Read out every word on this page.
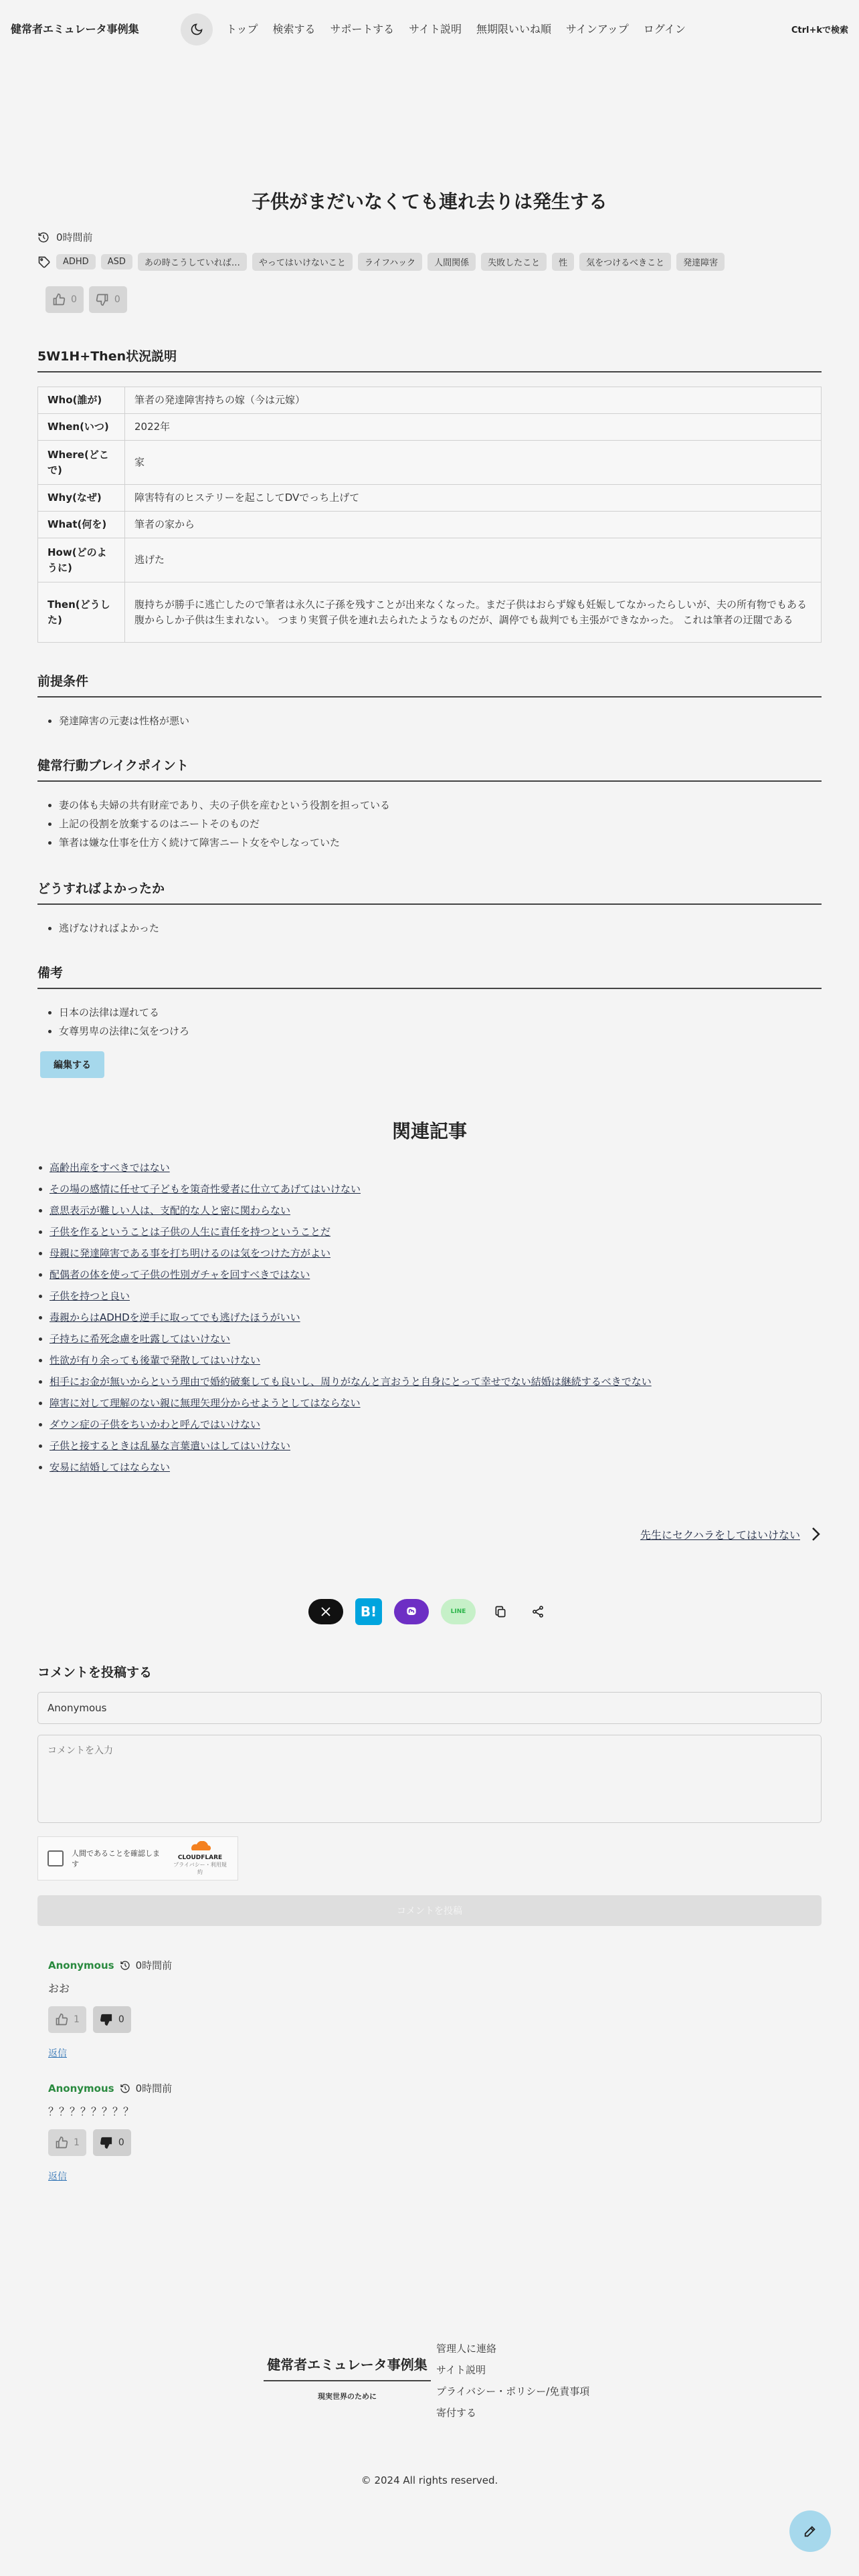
健常者エミュレータ事例集	トップ 検索する サポートする サイト説明 無期限いいね順 サインアップ ログイン	Ctrl+kで検索
子供がまだいなくても連れ去りは発生する
0時間前
ADHD	ASD	あの時こうしていれば…	やってはいけないこと	ライフハック	人間関係	失敗したこと	性	気をつけるべきこと	発達障害
0	0
5W1H+Then状況説明
Who(誰が)	筆者の発達障害持ちの嫁（今は元嫁）
When(いつ)	2022年
Where(どこで)	家
Why(なぜ)	障害特有のヒステリーを起こしてDVでっち上げて
What(何を)	筆者の家から
How(どのように)	逃げた
Then(どうした)	腹持ちが勝手に逃亡したので筆者は永久に子孫を残すことが出来なくなった。まだ子供はおらず嫁も妊娠してなかったらしいが、夫の所有物でもある腹からしか子供は生まれない。 つまり実質子供を連れ去られたようなものだが、調停でも裁判でも主張ができなかった。 これは筆者の迂闊である
前提条件
• 発達障害の元妻は性格が悪い
健常行動ブレイクポイント
• 妻の体も夫婦の共有財産であり、夫の子供を産むという役割を担っている
• 上記の役割を放棄するのはニートそのものだ
• 筆者は嫌な仕事を仕方く続けて障害ニート女をやしなっていた
どうすればよかったか
• 逃げなければよかった
備考
• 日本の法律は遅れてる
• 女尊男卑の法律に気をつけろ
編集する
関連記事
• 高齢出産をすべきではない
• その場の感情に任せて子どもを策奇性愛者に仕立てあげてはいけない
• 意思表示が難しい人は、支配的な人と密に関わらない
• 子供を作るということは子供の人生に責任を持つということだ
• 母親に発達障害である事を打ち明けるのは気をつけた方がよい
• 配偶者の体を使って子供の性別ガチャを回すべきではない
• 子供を持つと良い
• 毒親からはADHDを逆手に取ってでも逃げたほうがいい
• 子持ちに希死念慮を吐露してはいけない
• 性欲が有り余っても後輩で発散してはいけない
• 相手にお金が無いからという理由で婚約破棄しても良いし、周りがなんと言おうと自身にとって幸せでない結婚は継続するべきでない
• 障害に対して理解のない親に無理矢理分からせようとしてはならない
• ダウン症の子供をちいかわと呼んではいけない
• 子供と接するときは乱暴な言葉遣いはしてはいけない
• 安易に結婚してはならない
先生にセクハラをしてはいけない
B!	LINE
コメントを投稿する
Anonymous
コメントを入力
人間であることを確認します
CLOUDFLARE
プライバシー・利用規約
コメントを投稿
Anonymous 0時間前
おお
1	0
返信
Anonymous 0時間前
？？？？？？？？
1	0
返信
健常者エミュレータ事例集
現実世界のために
管理人に連絡
サイト説明
プライバシー・ポリシー/免責事項
寄付する
© 2024 All rights reserved.
